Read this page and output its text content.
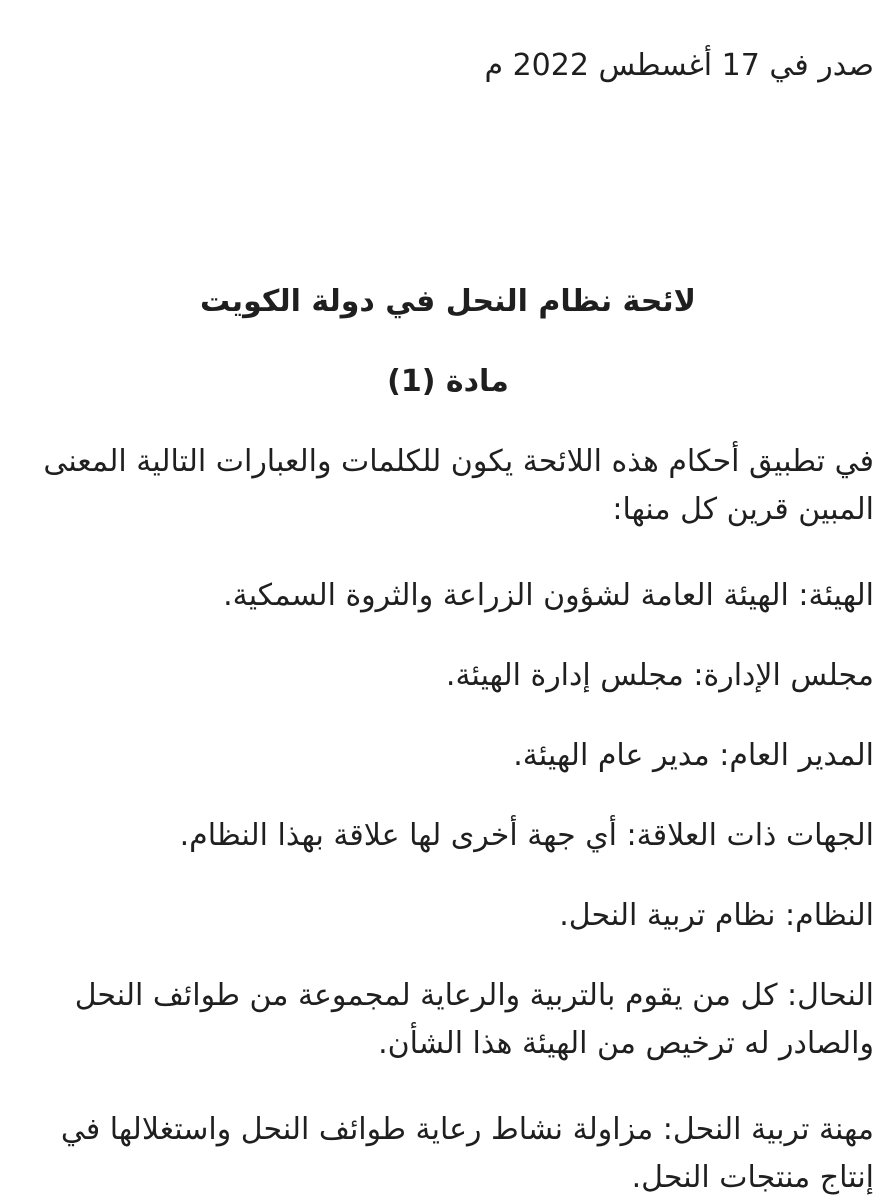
صدر في 17 أغسطس 2022 م

لائحة نظام النحل في دولة الكويت
مادة (1)

في تطبيق أحكام هذه اللائحة يكون للكلمات والعبارات التالية المعنى المبين قرين كل منها:

الهيئة: الهيئة العامة لشؤون الزراعة والثروة السمكية.

مجلس الإدارة: مجلس إدارة الهيئة.

المدير العام: مدير عام الهيئة.

الجهات ذات العلاقة: أي جهة أخرى لها علاقة بهذا النظام.

النظام: نظام تربية النحل.

النحال: كل من يقوم بالتربية والرعاية لمجموعة من طوائف النحل والصادر له ترخيص من الهيئة هذا الشأن.

مهنة تربية النحل: مزاولة نشاط رعاية طوائف النحل واستغلالها في إنتاج منتجات النحل.
